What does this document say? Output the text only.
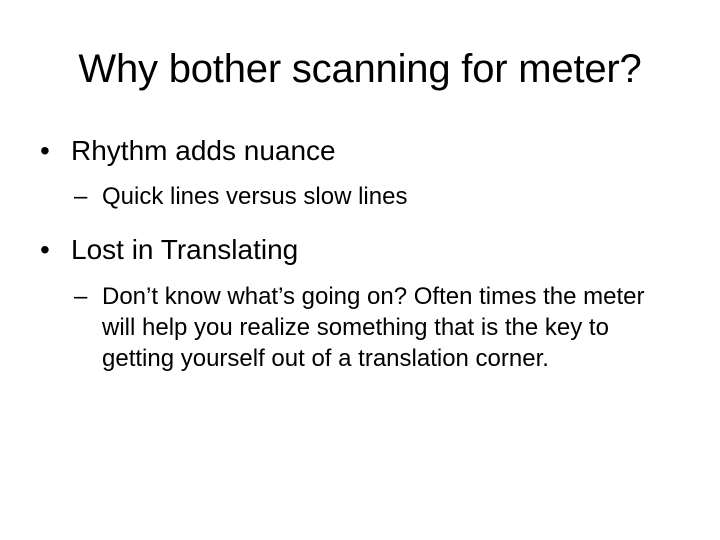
Why bother scanning for meter?
• Rhythm adds nuance
– Quick lines versus slow lines
• Lost in Translating
– Don’t know what’s going on? Often times the meter will help you realize something that is the key to getting yourself out of a translation corner.
